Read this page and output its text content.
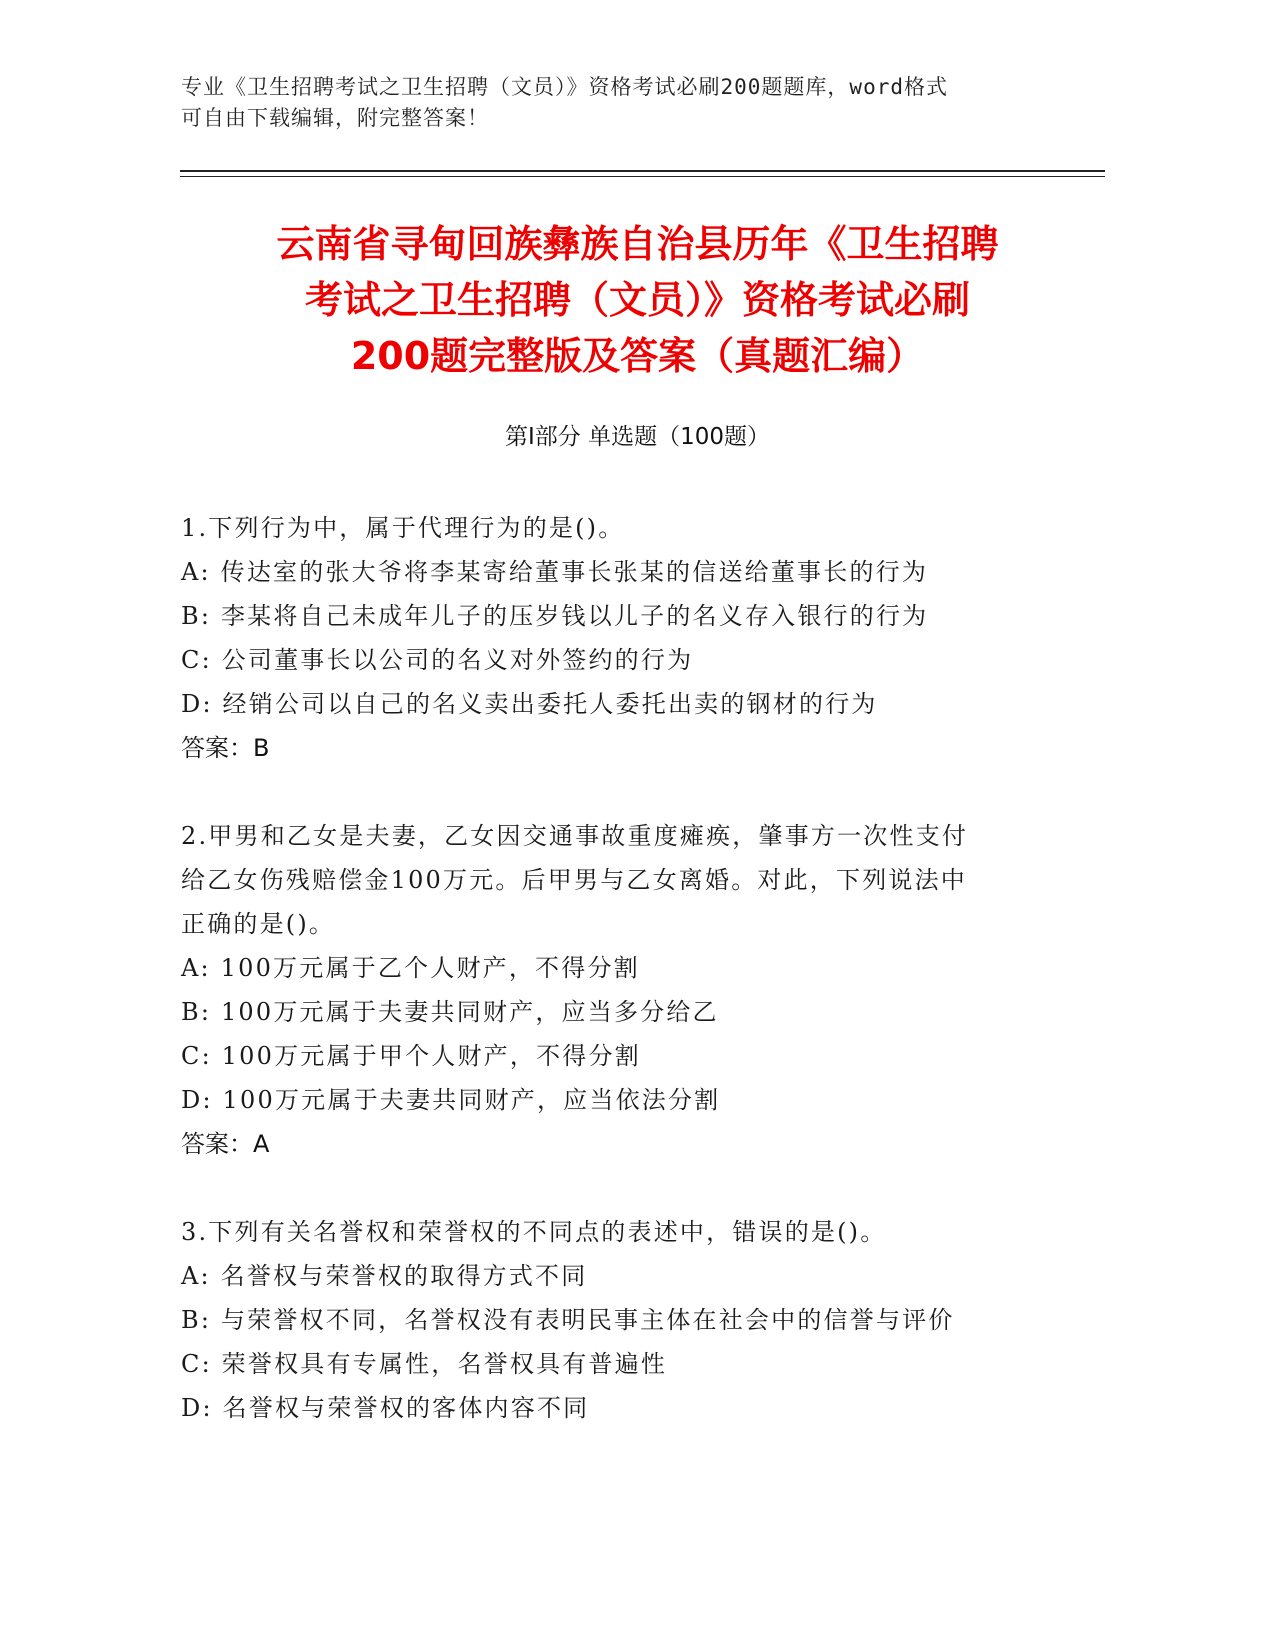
专业《卫生招聘考试之卫生招聘（文员）》资格考试必刷200题题库，word格式
可自由下载编辑，附完整答案！
云南省寻甸回族彝族自治县历年《卫生招聘
考试之卫生招聘（文员）》资格考试必刷
200题完整版及答案（真题汇编）
第Ⅰ部分 单选题（100题）
1.下列行为中，属于代理行为的是()。
A: 传达室的张大爷将李某寄给董事长张某的信送给董事长的行为
B: 李某将自己未成年儿子的压岁钱以儿子的名义存入银行的行为
C: 公司董事长以公司的名义对外签约的行为
D: 经销公司以自己的名义卖出委托人委托出卖的钢材的行为
答案：B
2.甲男和乙女是夫妻，乙女因交通事故重度瘫痪，肇事方一次性支付
给乙女伤残赔偿金100万元。后甲男与乙女离婚。对此，下列说法中
正确的是()。
A: 100万元属于乙个人财产，不得分割
B: 100万元属于夫妻共同财产，应当多分给乙
C: 100万元属于甲个人财产，不得分割
D: 100万元属于夫妻共同财产，应当依法分割
答案：A
3.下列有关名誉权和荣誉权的不同点的表述中，错误的是()。
A: 名誉权与荣誉权的取得方式不同
B: 与荣誉权不同，名誉权没有表明民事主体在社会中的信誉与评价
C: 荣誉权具有专属性，名誉权具有普遍性
D: 名誉权与荣誉权的客体内容不同
